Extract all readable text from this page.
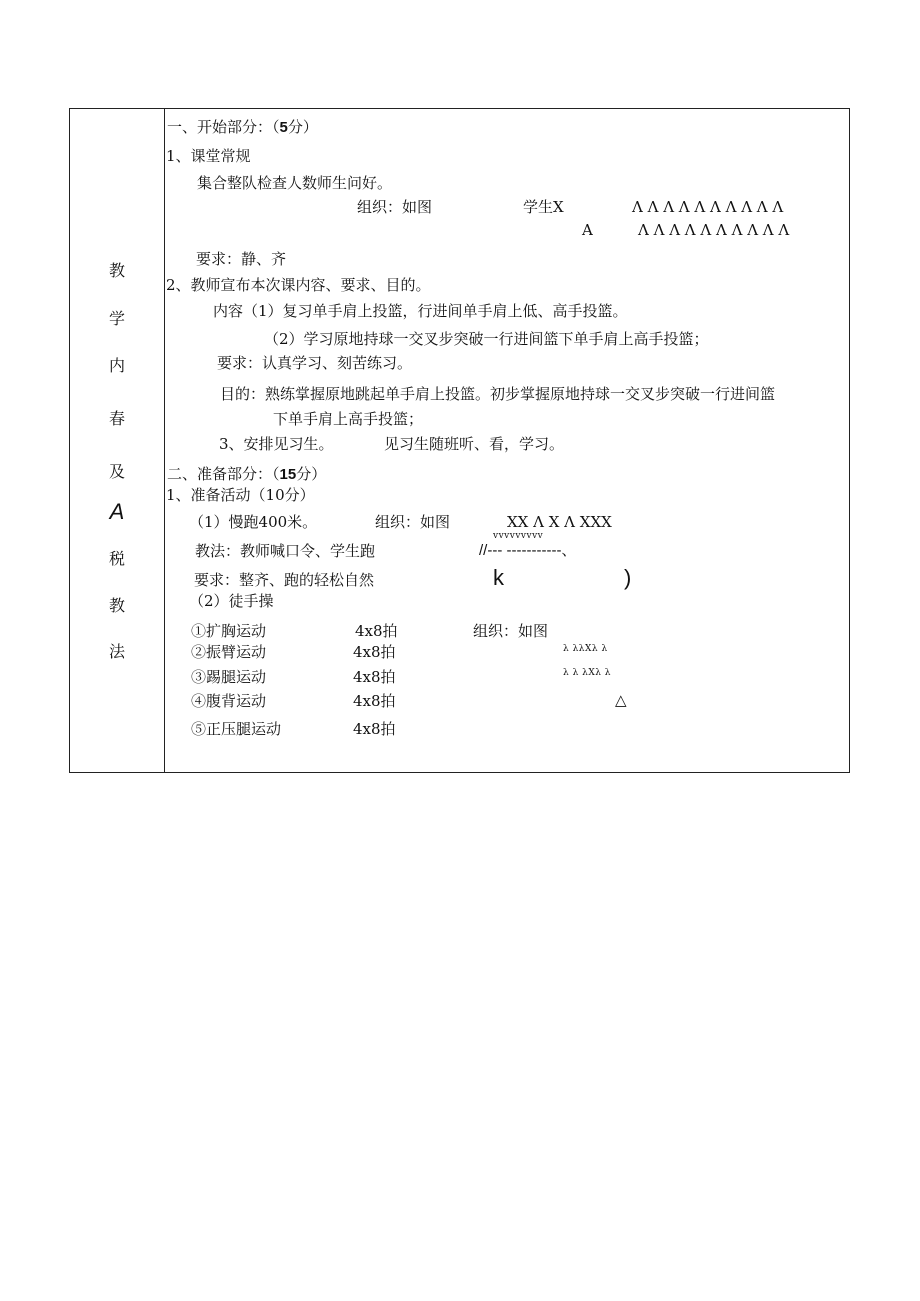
教
学
内
春
及
A
税
教
法
一、开始部分：（5分）
1、课堂常规
集合整队检查人数师生问好。
组织：如图	学生X	Λ Λ Λ Λ Λ Λ Λ Λ Λ Λ
A	Λ Λ Λ Λ Λ Λ Λ Λ Λ Λ
要求：静、齐
2、教师宣布本次课内容、要求、目的。
内容（1）复习单手肩上投篮，行进间单手肩上低、高手投篮。
（2）学习原地持球一交叉步突破一行进间篮下单手肩上高手投篮；
要求：认真学习、刻苦练习。
目的：熟练掌握原地跳起单手肩上投篮。初步掌握原地持球一交叉步突破一行进间篮
下单手肩上高手投篮；
3、安排见习生。	见习生随班听、看，学习。
二、准备部分：（15分）
1、准备活动（10分）
（1）慢跑400米。	组织：如图	XX Λ X Λ XXX
vvvvvvvvv
教法：教师喊口令、学生跑	//--- -----------、
要求：整齐、跑的轻松自然	k	)
（2）徒手操
①扩胸运动	4x8拍	组织：如图
②振臂运动	4x8拍	λ λλXλ λ
③踢腿运动	4x8拍	λ λ λXλ λ
④腹背运动	4x8拍	△
⑤正压腿运动	4x8拍
